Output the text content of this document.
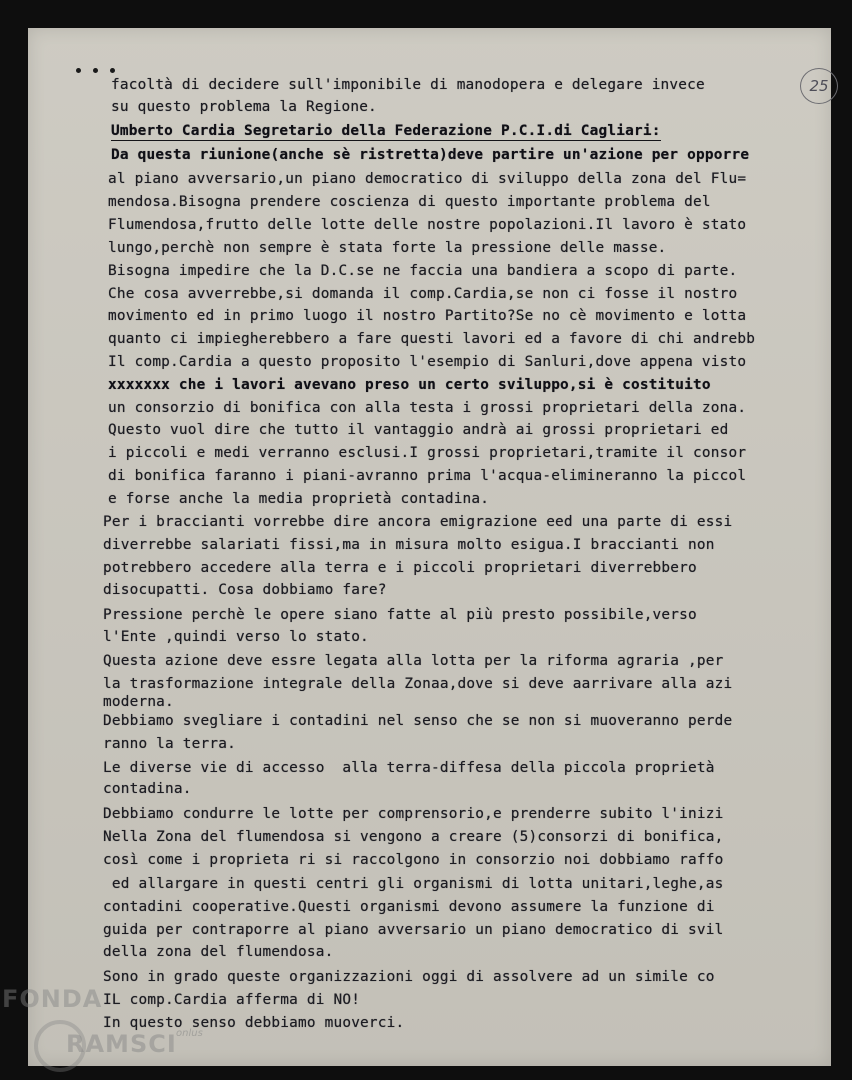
25
facoltà di decidere sull'imponibile di manodopera e delegare invece
su questo problema la Regione.
Umberto Cardia Segretario della Federazione P.C.I.di Cagliari:
Da questa riunione(anche sè ristretta)deve partire un'azione per opporre
al piano avversario,un piano democratico di sviluppo della zona del Flu=
mendosa.Bisogna prendere coscienza di questo importante problema del
Flumendosa,frutto delle lotte delle nostre popolazioni.Il lavoro è stato
lungo,perchè non sempre è stata forte la pressione delle masse.
Bisogna impedire che la D.C.se ne faccia una bandiera a scopo di parte.
Che cosa avverrebbe,si domanda il comp.Cardia,se non ci fosse il nostro
movimento ed in primo luogo il nostro Partito?Se no cè movimento e lotta
quanto ci impiegherebbero a fare questi lavori ed a favore di chi andrebb
Il comp.Cardia a questo proposito l'esempio di Sanluri,dove appena visto
xxxxxxx che i lavori avevano preso un certo sviluppo,si è costituito
un consorzio di bonifica con alla testa i grossi proprietari della zona.
Questo vuol dire che tutto il vantaggio andrà ai grossi proprietari ed
i piccoli e medi verranno esclusi.I grossi proprietari,tramite il consor
di bonifica faranno i piani-avranno prima l'acqua-elimineranno la piccol
e forse anche la media proprietà contadina.
Per i braccianti vorrebbe dire ancora emigrazione eed una parte di essi
diverrebbe salariati fissi,ma in misura molto esigua.I braccianti non
potrebbero accedere alla terra e i piccoli proprietari diverrebbero
disocupatti. Cosa dobbiamo fare?
Pressione perchè le opere siano fatte al più presto possibile,verso
l'Ente ,quindi verso lo stato.
Questa azione deve essre legata alla lotta per la riforma agraria ,per
la trasformazione integrale della Zonaa,dove si deve aarrivare alla azi
moderna.
Debbiamo svegliare i contadini nel senso che se non si muoveranno perde
ranno la terra.
Le diverse vie di accesso  alla terra-diffesa della piccola proprietà
contadina.
Debbiamo condurre le lotte per comprensorio,e prenderre subito l'inizi
Nella Zona del flumendosa si vengono a creare (5)consorzi di bonifica,
così come i proprieta ri si raccolgono in consorzio noi dobbiamo raffo
ed allargare in questi centri gli organismi di lotta unitari,leghe,as
contadini cooperative.Questi organismi devono assumere la funzione di
guida per contraporre al piano avversario un piano democratico di svil
della zona del flumendosa.
Sono in grado queste organizzazioni oggi di assolvere ad un simile co
IL comp.Cardia afferma di NO!
In questo senso debbiamo muoverci.
FONDA
RAMSCI onlus
